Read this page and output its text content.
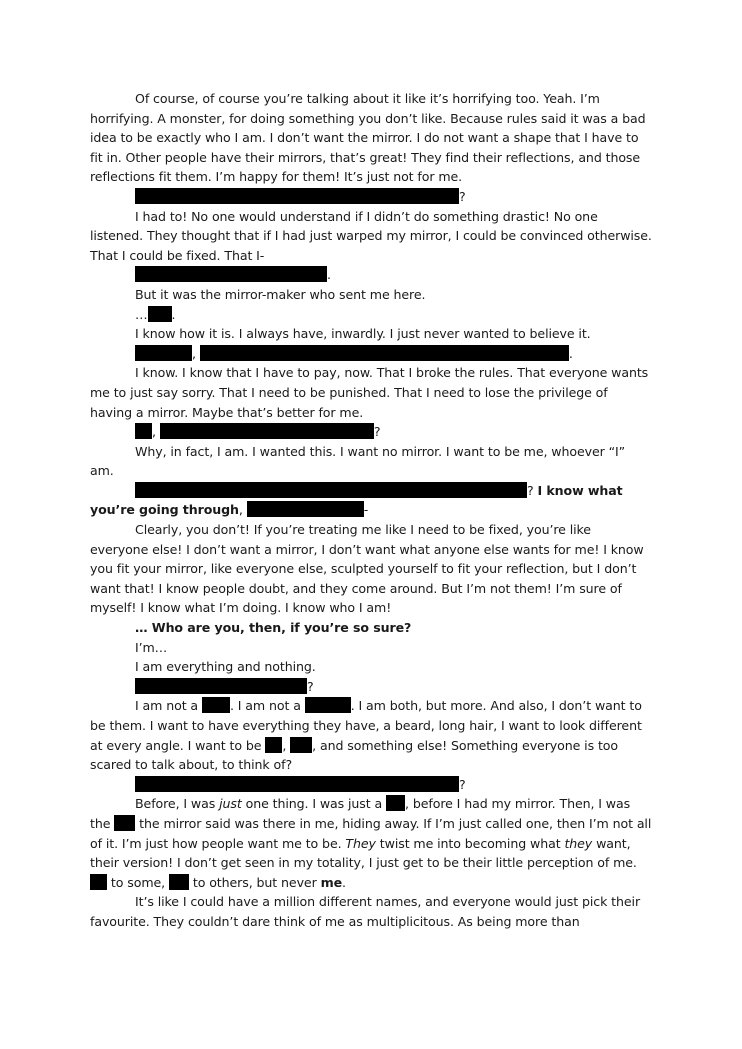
Of course, of course you’re talking about it like it’s horrifying too. Yeah. I’m horrifying. A monster, for doing something you don’t like. Because rules said it was a bad idea to be exactly who I am. I don’t want the mirror. I do not want a shape that I have to fit in. Other people have their mirrors, that’s great! They find their reflections, and those reflections fit them. I’m happy for them! It’s just not for me.

?

I had to! No one would understand if I didn’t do something drastic! No one listened. They thought that if I had just warped my mirror, I could be convinced otherwise. That I could be fixed. That I-

.

But it was the mirror-maker who sent me here.

… .

I know how it is. I always have, inwardly. I just never wanted to believe it.

,	.

I know. I know that I have to pay, now. That I broke the rules. That everyone wants me to just say sorry. That I need to be punished. That I need to lose the privilege of having a mirror. Maybe that’s better for me.

,	?

Why, in fact, I am. I wanted this. I want no mirror. I want to be me, whoever “I” am.

? I know what you’re going through,	-

Clearly, you don’t! If you’re treating me like I need to be fixed, you’re like everyone else! I don’t want a mirror, I don’t want what anyone else wants for me! I know you fit your mirror, like everyone else, sculpted yourself to fit your reflection, but I don’t want that! I know people doubt, and they come around. But I’m not them! I’m sure of myself! I know what I’m doing. I know who I am!

… Who are you, then, if you’re so sure?

I’m…

I am everything and nothing.

?

I am not a . I am not a	. I am both, but more. And also, I don’t want to be them. I want to have everything they have, a beard, long hair, I want to look different at every angle. I want to be , , and something else! Something everyone is too scared to talk about, to think of?

?

Before, I was just one thing. I was just a , before I had my mirror. Then, I was the  the mirror said was there in me, hiding away. If I’m just called one, then I’m not all of it. I’m just how people want me to be. They twist me into becoming what they want, their version! I don’t get seen in my totality, I just get to be their little perception of me.  to some,  to others, but never me.

It’s like I could have a million different names, and everyone would just pick their favourite. They couldn’t dare think of me as multiplicitous. As being more than
